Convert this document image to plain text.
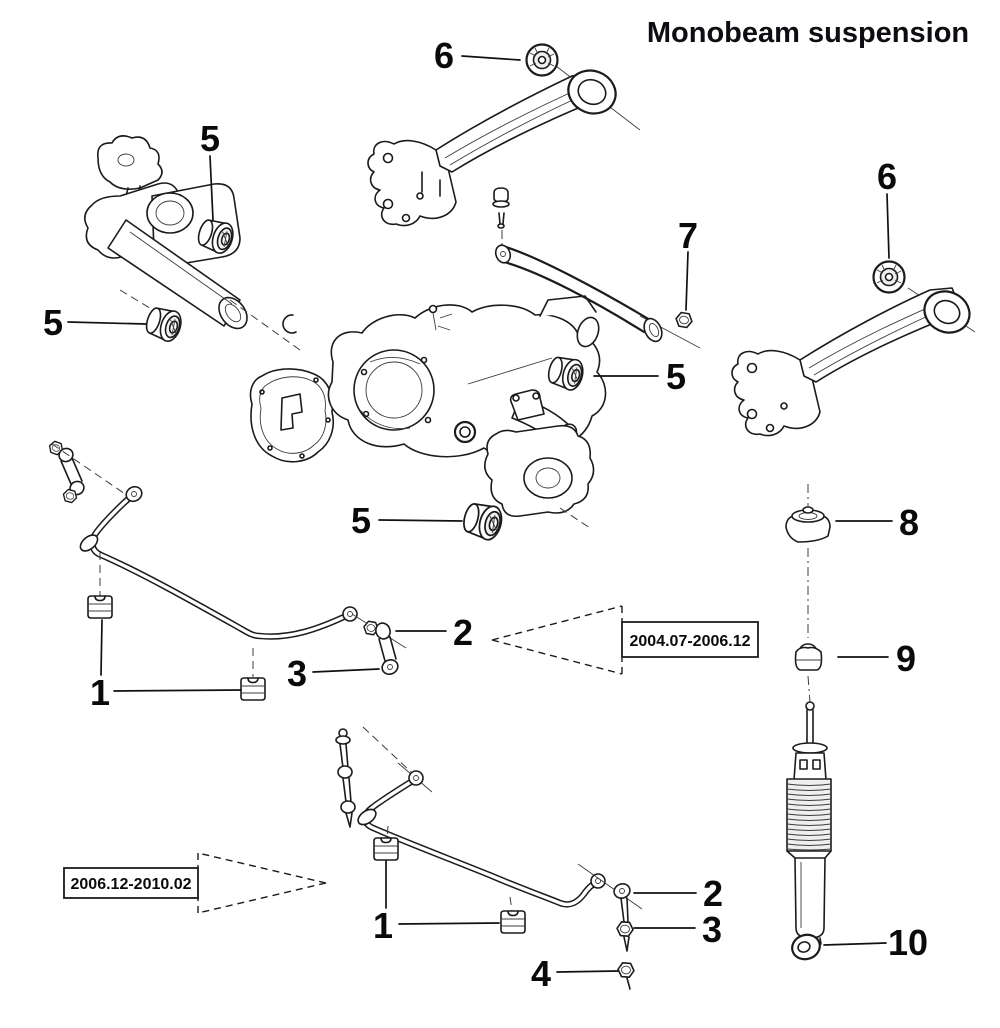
Monobeam suspension
2004.07-2006.12
2006.12-2010.02
6
5
5
7
5
6
5	8
9
10
1
2
3
1
2
3
4
